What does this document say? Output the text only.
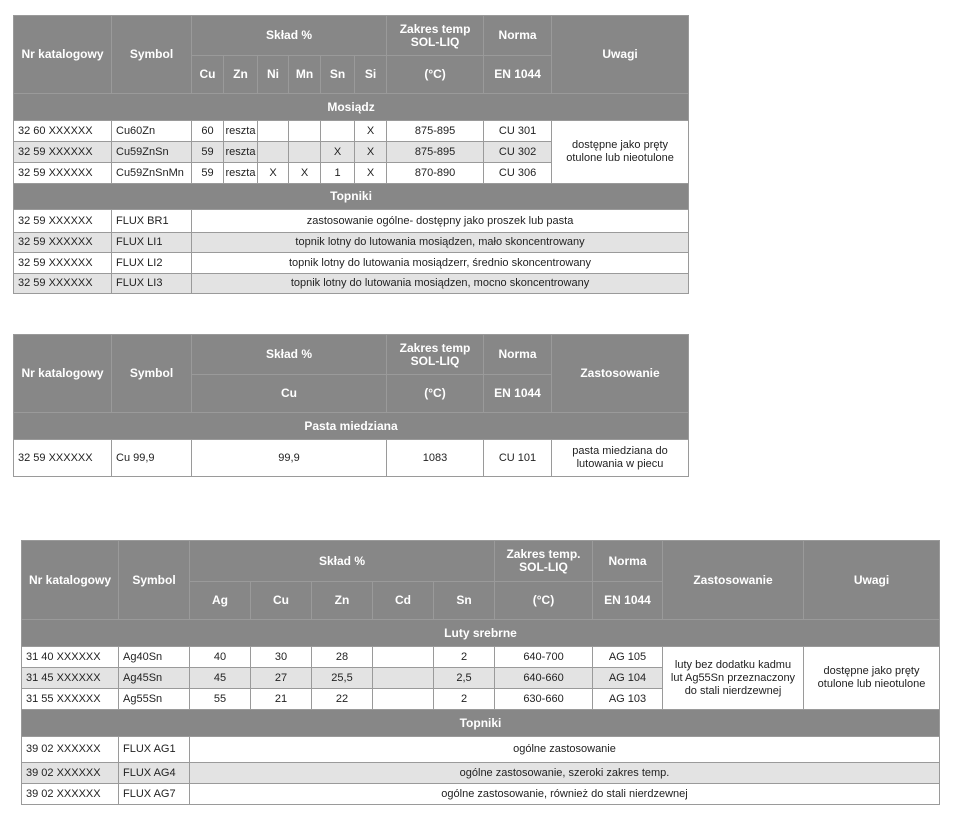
Nr katalogowy	Symbol	Skład %						Zakres temp SOL-LIQ	Norma	Uwagi
		Cu	Zn	Ni	Mn	Sn	Si	(°C)	EN 1044	
Mosiądz										
32 60 XXXXXX	Cu60Zn	60	reszta				X	875-895	CU 301	dostępne jako pręty otulone lub nieotulone
32 59 XXXXXX	Cu59ZnSn	59	reszta			X	X	875-895	CU 302	
32 59 XXXXXX	Cu59ZnSnMn	59	reszta	X	X	1	X	870-890	CU 306	
Topniki										
32 59 XXXXXX	FLUX BR1	zastosowanie ogólne- dostępny jako proszek lub pasta								
32 59 XXXXXX	FLUX LI1	topnik lotny do lutowania mosiądzen, mało skoncentrowany								
32 59 XXXXXX	FLUX LI2	topnik lotny do lutowania mosiądzerr, średnio skoncentrowany								
32 59 XXXXXX	FLUX LI3	topnik lotny do lutowania mosiądzen, mocno skoncentrowany								
Nr katalogowy	Symbol	Skład %	Zakres temp SOL-LIQ	Norma	Zastosowanie
		Cu	(°C)	EN 1044	
Pasta miedziana					
32 59 XXXXXX	Cu 99,9	99,9	1083	CU 101	pasta miedziana do lutowania w piecu
Nr katalogowy	Symbol	Skład %					Zakres temp. SOL-LIQ	Norma	Zastosowanie	Uwagi
		Ag	Cu	Zn	Cd	Sn	(°C)	EN 1044		
Luty srebrne										
31 40 XXXXXX	Ag40Sn	40	30	28		2	640-700	AG 105	luty bez dodatku kadmu lut Ag55Sn przeznaczony do stali nierdzewnej	dostępne jako pręty otulone lub nieotulone
31 45 XXXXXX	Ag45Sn	45	27	25,5		2,5	640-660	AG 104		
31 55 XXXXXX	Ag55Sn	55	21	22		2	630-660	AG 103		
Topniki										
39 02 XXXXXX	FLUX AG1	ogólne zastosowanie								
39 02 XXXXXX	FLUX AG4	ogólne zastosowanie, szeroki zakres temp.								
39 02 XXXXXX	FLUX AG7	ogólne zastosowanie, również do stali nierdzewnej								
